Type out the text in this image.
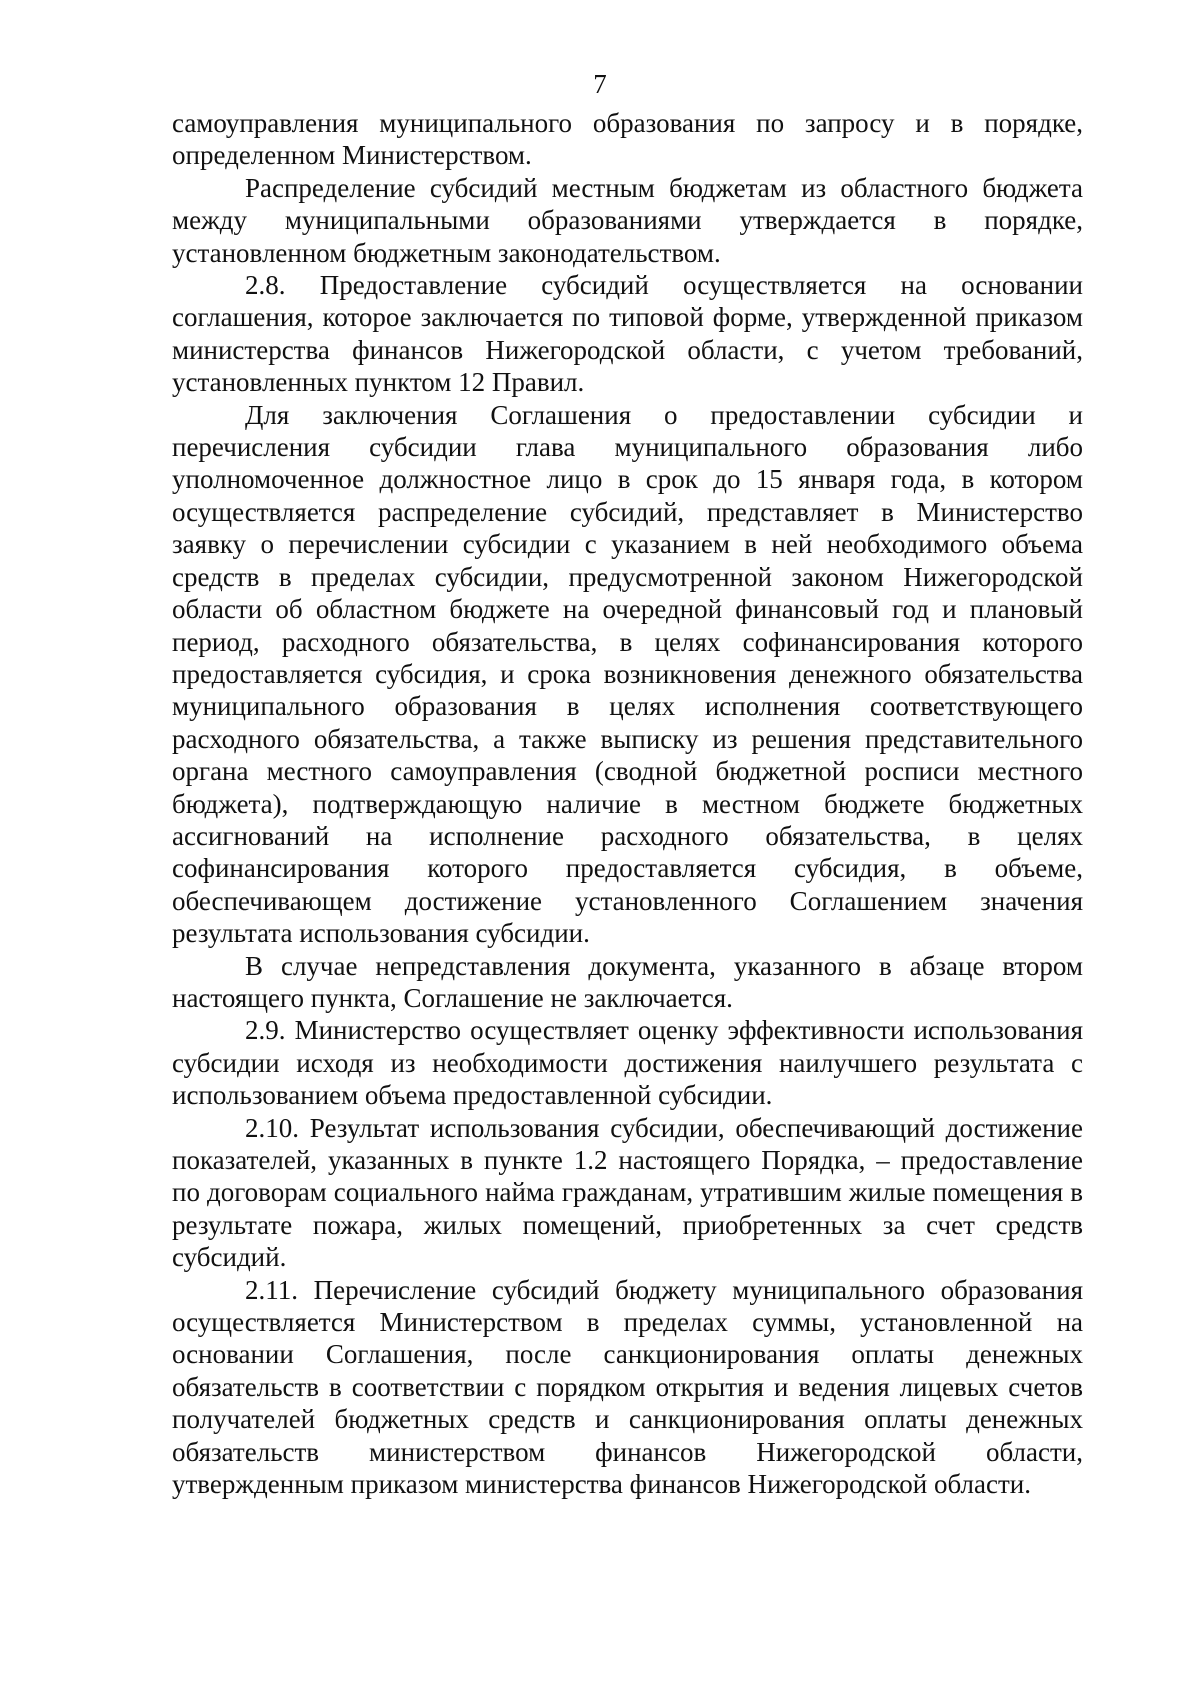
7

самоуправления муниципального образования по запросу и в порядке, определенном Министерством.

Распределение субсидий местным бюджетам из областного бюджета между муниципальными образованиями утверждается в порядке, установленном бюджетным законодательством.

2.8. Предоставление субсидий осуществляется на основании соглашения, которое заключается по типовой форме, утвержденной приказом министерства финансов Нижегородской области, с учетом требований, установленных пунктом 12 Правил.

Для заключения Соглашения о предоставлении субсидии и перечисления субсидии глава муниципального образования либо уполномоченное должностное лицо в срок до 15 января года, в котором осуществляется распределение субсидий, представляет в Министерство заявку о перечислении субсидии с указанием в ней необходимого объема средств в пределах субсидии, предусмотренной законом Нижегородской области об областном бюджете на очередной финансовый год и плановый период, расходного обязательства, в целях софинансирования которого предоставляется субсидия, и срока возникновения денежного обязательства муниципального образования в целях исполнения соответствующего расходного обязательства, а также выписку из решения представительного органа местного самоуправления (сводной бюджетной росписи местного бюджета), подтверждающую наличие в местном бюджете бюджетных ассигнований на исполнение расходного обязательства, в целях софинансирования которого предоставляется субсидия, в объеме, обеспечивающем достижение установленного Соглашением значения результата использования субсидии.

В случае непредставления документа, указанного в абзаце втором настоящего пункта, Соглашение не заключается.

2.9. Министерство осуществляет оценку эффективности использования субсидии исходя из необходимости достижения наилучшего результата с использованием объема предоставленной субсидии.

2.10. Результат использования субсидии, обеспечивающий достижение показателей, указанных в пункте 1.2 настоящего Порядка, – предоставление по договорам социального найма гражданам, утратившим жилые помещения в результате пожара, жилых помещений, приобретенных за счет средств субсидий.

2.11. Перечисление субсидий бюджету муниципального образования осуществляется Министерством в пределах суммы, установленной на основании Соглашения, после санкционирования оплаты денежных обязательств в соответствии с порядком открытия и ведения лицевых счетов получателей бюджетных средств и санкционирования оплаты денежных обязательств министерством финансов Нижегородской области, утвержденным приказом министерства финансов Нижегородской области.
